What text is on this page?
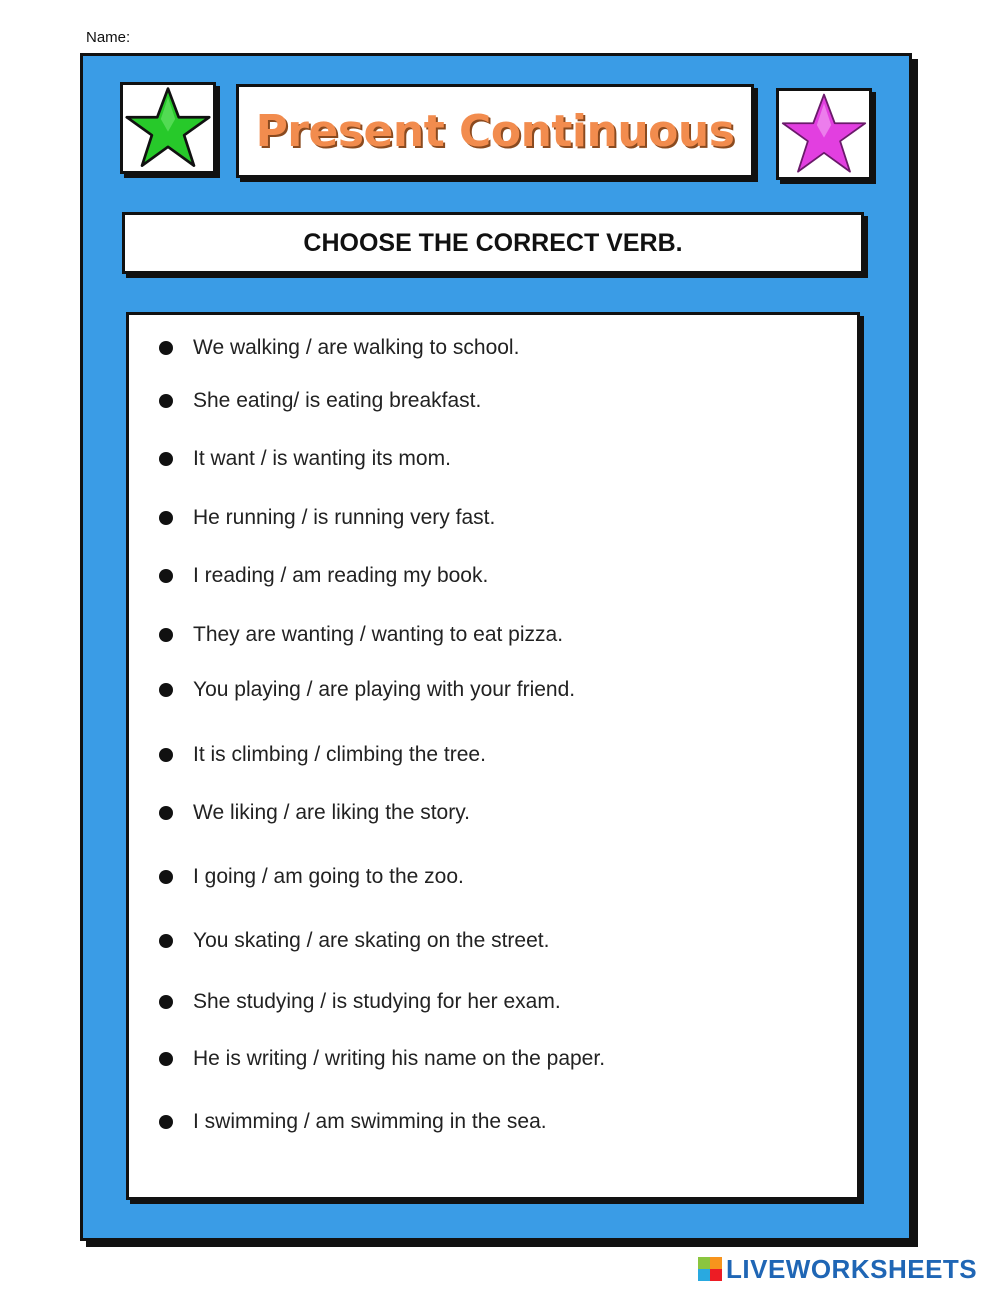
Name:
Present Continuous
CHOOSE THE CORRECT VERB.
We walking / are walking to school.
She eating/ is eating breakfast.
It want / is wanting its mom.
He running / is running very fast.
I reading / am reading my book.
They are wanting / wanting to eat pizza.
You playing / are playing with your friend.
It is climbing / climbing the tree.
We liking / are liking the story.
I going / am going to the zoo.
You skating / are skating on the street.
She studying / is studying for her exam.
He is writing / writing his name on the paper.
I swimming / am swimming in the sea.
LIVEWORKSHEETS
